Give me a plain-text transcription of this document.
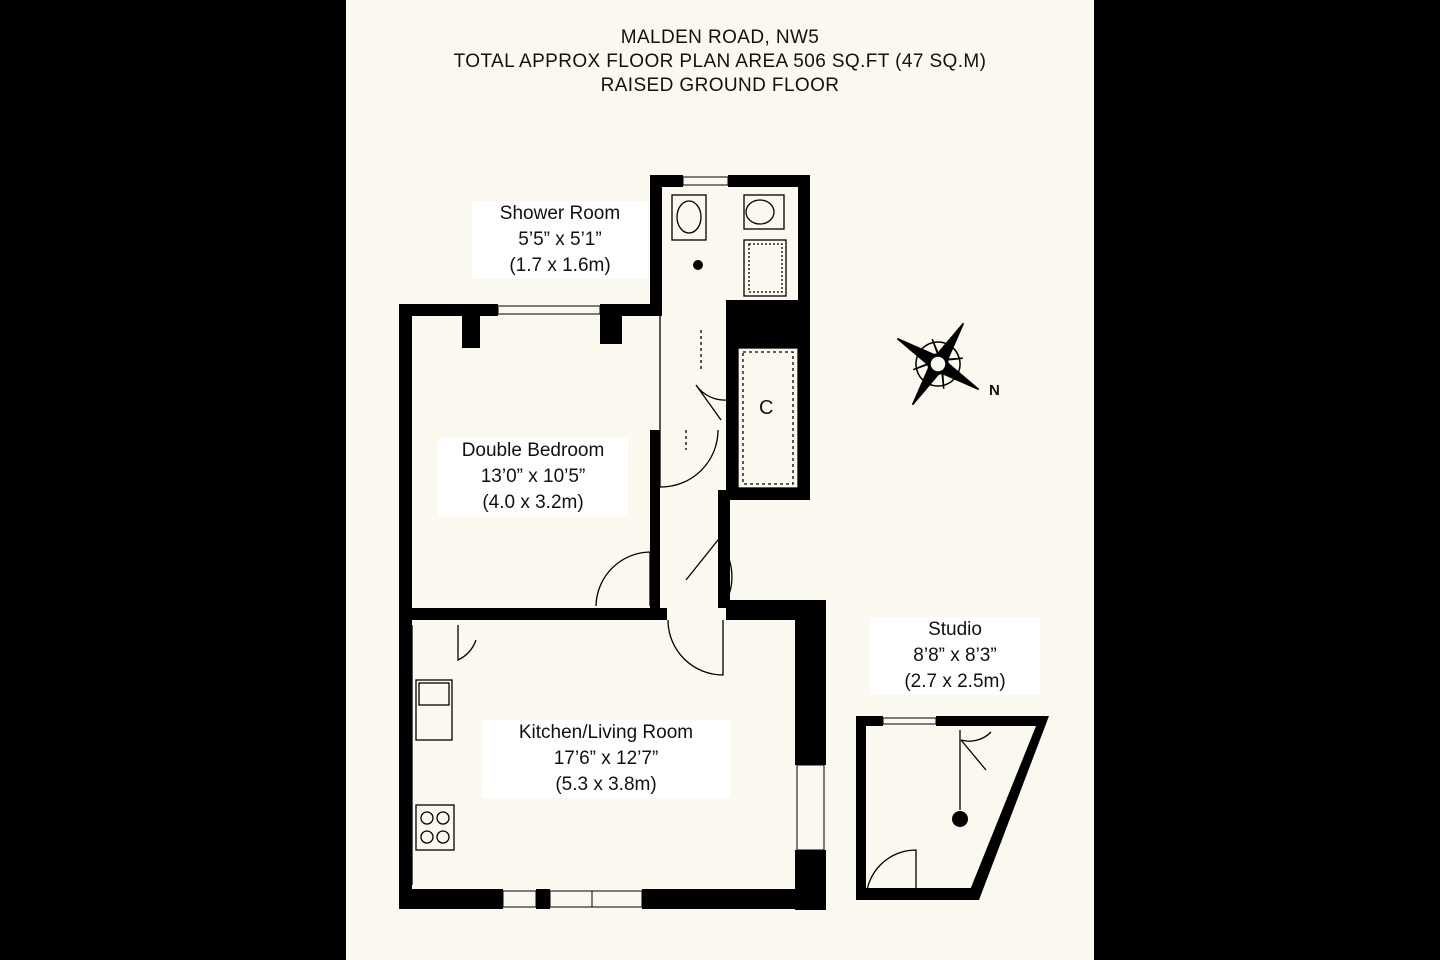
MALDEN ROAD, NW5
TOTAL APPROX FLOOR PLAN AREA 506 SQ.FT (47 SQ.M)
RAISED GROUND FLOOR
Shower Room
5’5” x 5’1”
(1.7 x 1.6m)
Double Bedroom
13’0” x 10’5”
(4.0 x 3.2m)
Kitchen/Living Room
17’6” x 12’7”
(5.3 x 3.8m)
Studio
8’8” x 8’3”
(2.7 x 2.5m)
C
N
